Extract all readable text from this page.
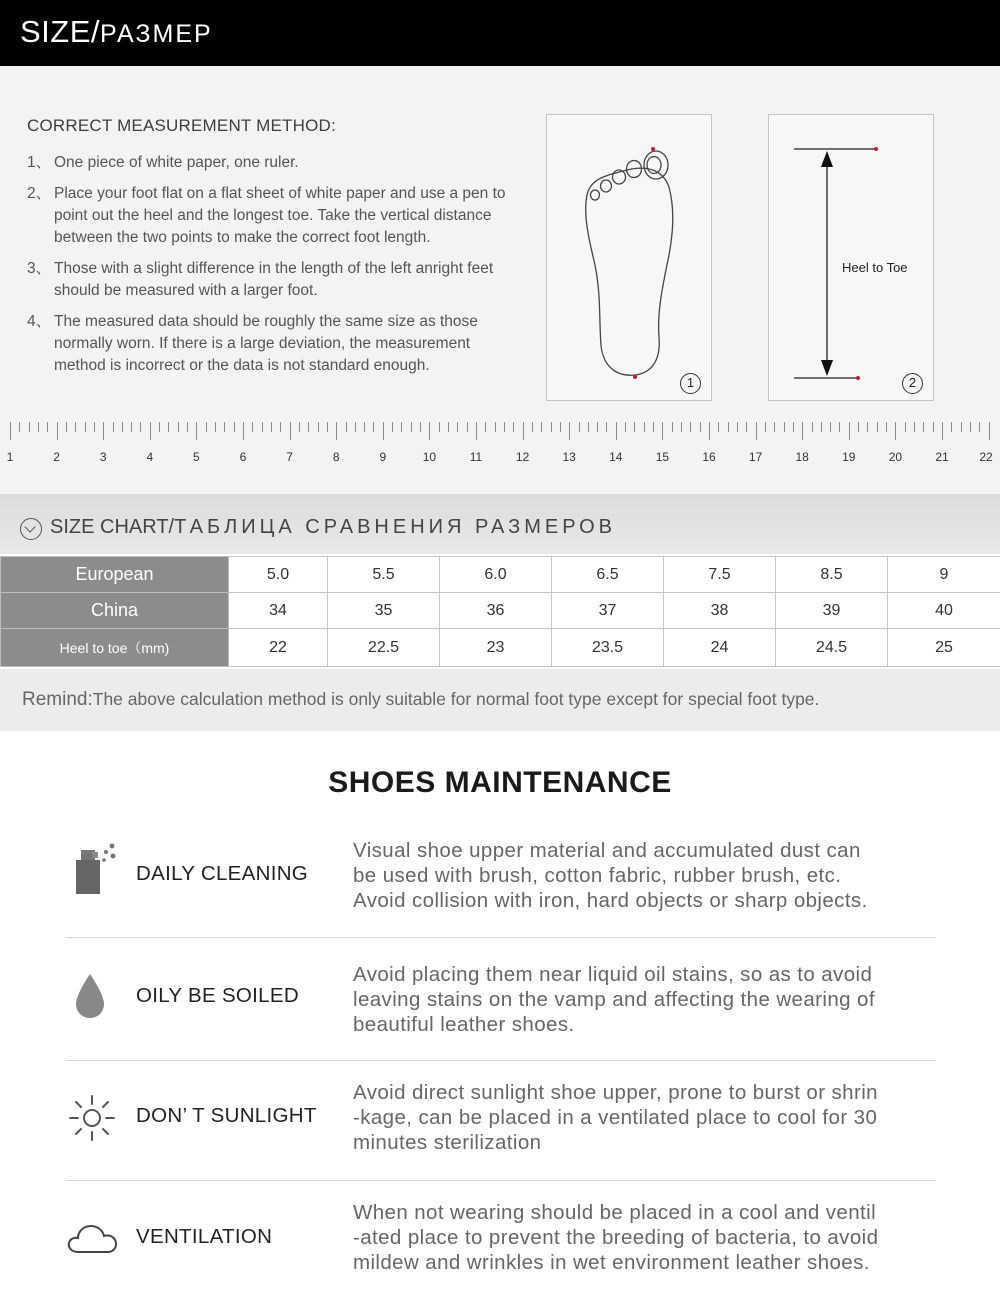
SIZE/РАЗМЕР
CORRECT MEASUREMENT METHOD:
1、 One piece of white paper, one ruler.
2、 Place your foot flat on a flat sheet of white paper and use a pen to point out the heel and the longest toe. Take the vertical distance between the two points to make the correct foot length.
3、 Those with a slight difference in the length of the left anright feet should be measured with a larger foot.
4、 The measured data should be roughly the same size as those normally worn. If there is a large deviation, the measurement method is incorrect or the data is not standard enough.
1
Heel to Toe
2
1	2	3	4	5	6	7	8	9	10	11	12	13	14	15	16	17	18	19	20	21	22
SIZE CHART/ТАБЛИЦА СРАВНЕНИЯ РАЗМЕРОВ
European	5.0	5.5	6.0	6.5	7.5	8.5	9
China	34	35	36	37	38	39	40
Heel to toe（mm)	22	22.5	23	23.5	24	24.5	25
Remind:The above calculation method is only suitable for normal foot type except for special foot type.
SHOES MAINTENANCE
DAILY CLEANING
Visual shoe upper material and accumulated dust can
be used with brush, cotton fabric, rubber brush, etc.
Avoid collision with iron, hard objects or sharp objects.
OILY BE SOILED
Avoid placing them near liquid oil stains, so as to avoid
leaving stains on the vamp and affecting the wearing of
beautiful leather shoes.
DON’ T SUNLIGHT
Avoid direct sunlight shoe upper, prone to burst or shrin
-kage, can be placed in a ventilated place to cool for 30
minutes sterilization
VENTILATION
When not wearing should be placed in a cool and ventil
-ated place to prevent the breeding of bacteria, to avoid
mildew and wrinkles in wet environment leather shoes.
